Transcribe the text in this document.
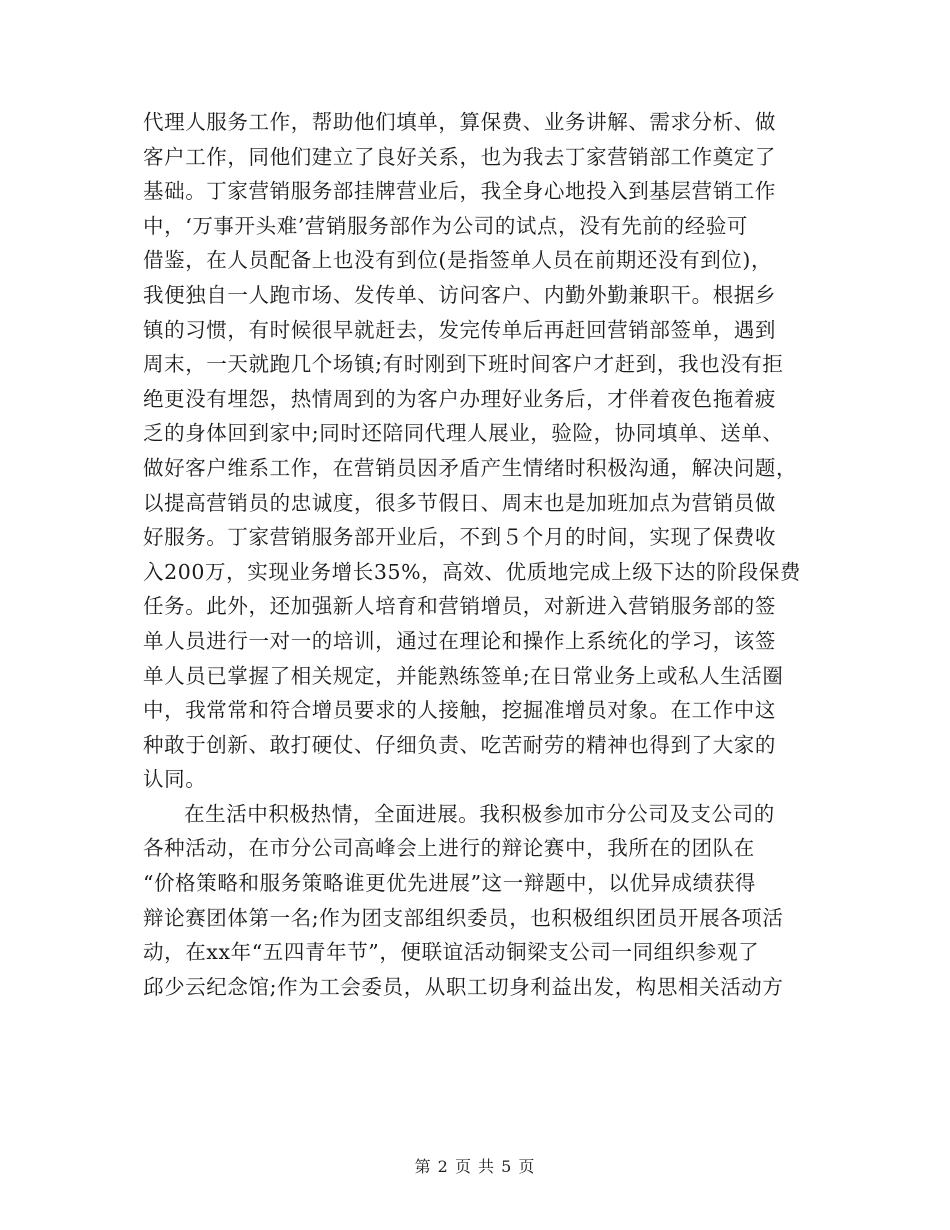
代理人服务工作，帮助他们填单，算保费、业务讲解、需求分析、做
客户工作，同他们建立了良好关系，也为我去丁家营销部工作奠定了
基础。丁家营销服务部挂牌营业后，我全身心地投入到基层营销工作
中，‘万事开头难’营销服务部作为公司的试点，没有先前的经验可
借鉴，在人员配备上也没有到位(是指签单人员在前期还没有到位)，
我便独自一人跑市场、发传单、访问客户、内勤外勤兼职干。根据乡
镇的习惯，有时候很早就赶去，发完传单后再赶回营销部签单，遇到
周末，一天就跑几个场镇;有时刚到下班时间客户才赶到，我也没有拒
绝更没有埋怨，热情周到的为客户办理好业务后，才伴着夜色拖着疲
乏的身体回到家中;同时还陪同代理人展业，验险，协同填单、送单、
做好客户维系工作，在营销员因矛盾产生情绪时积极沟通，解决问题，
以提高营销员的忠诚度，很多节假日、周末也是加班加点为营销员做
好服务。丁家营销服务部开业后，不到５个月的时间，实现了保费收
入200万，实现业务增长35%，高效、优质地完成上级下达的阶段保费
任务。此外，还加强新人培育和营销增员，对新进入营销服务部的签
单人员进行一对一的培训，通过在理论和操作上系统化的学习，该签
单人员已掌握了相关规定，并能熟练签单;在日常业务上或私人生活圈
中，我常常和符合增员要求的人接触，挖掘准增员对象。在工作中这
种敢于创新、敢打硬仗、仔细负责、吃苦耐劳的精神也得到了大家的
认同。
在生活中积极热情，全面进展。我积极参加市分公司及支公司的
各种活动，在市分公司高峰会上进行的辩论赛中，我所在的团队在
“价格策略和服务策略谁更优先进展”这一辩题中，以优异成绩获得
辩论赛团体第一名;作为团支部组织委员，也积极组织团员开展各项活
动，在xx年“五四青年节”，便联谊活动铜梁支公司一同组织参观了
邱少云纪念馆;作为工会委员，从职工切身利益出发，构思相关活动方
第 2 页 共 5 页
